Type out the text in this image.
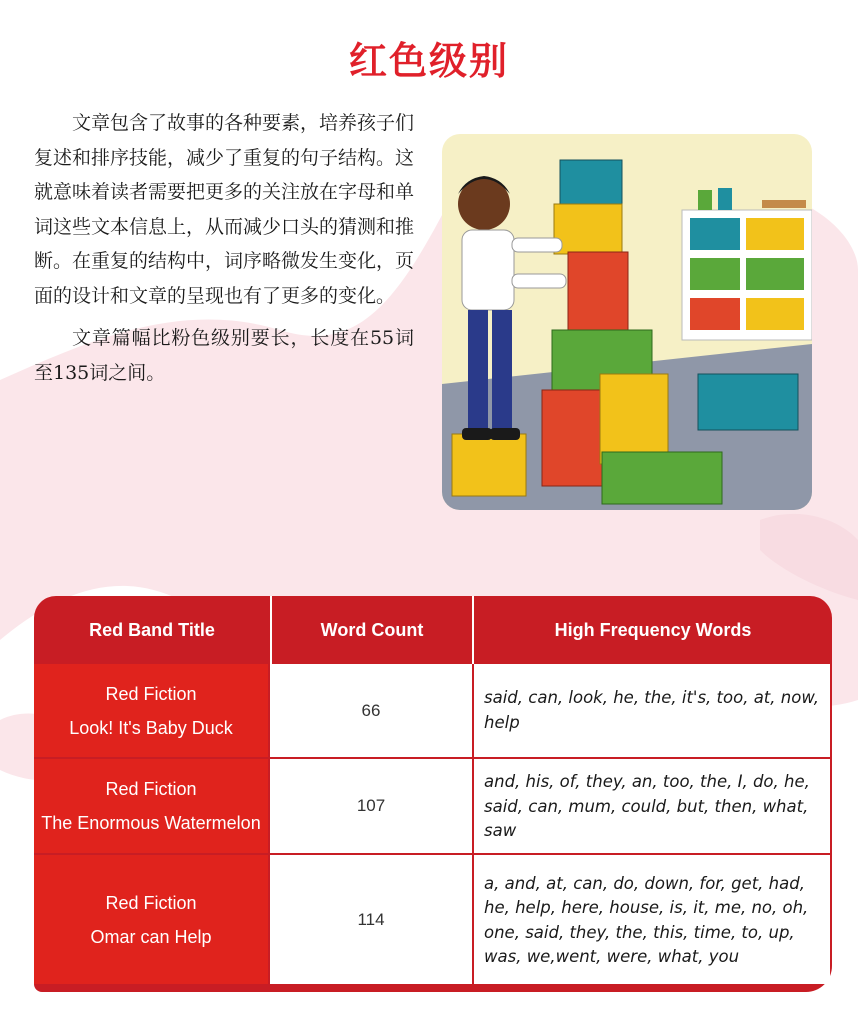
红色级别

文章包含了故事的各种要素，培养孩子们复述和排序技能，减少了重复的句子结构。这就意味着读者需要把更多的关注放在字母和单词这些文本信息上，从而减少口头的猜测和推断。在重复的结构中，词序略微发生变化，页面的设计和文章的呈现也有了更多的变化。

文章篇幅比粉色级别要长，长度在55词至135词之间。

Red Band Title	Word Count	High Frequency Words
Red Fiction
Look! It's Baby Duck
66
said, can, look, he, the, it's, too, at, now, help
Red Fiction
The Enormous Watermelon
107
and, his, of, they, an, too, the, I, do, he, said, can, mum, could, but, then, what, saw
Red Fiction
Omar can Help
114
a, and, at, can, do, down, for, get, had, he, help, here, house, is, it, me, no, oh, one, said, they, the, this, time, to, up, was, we,went, were, what, you
